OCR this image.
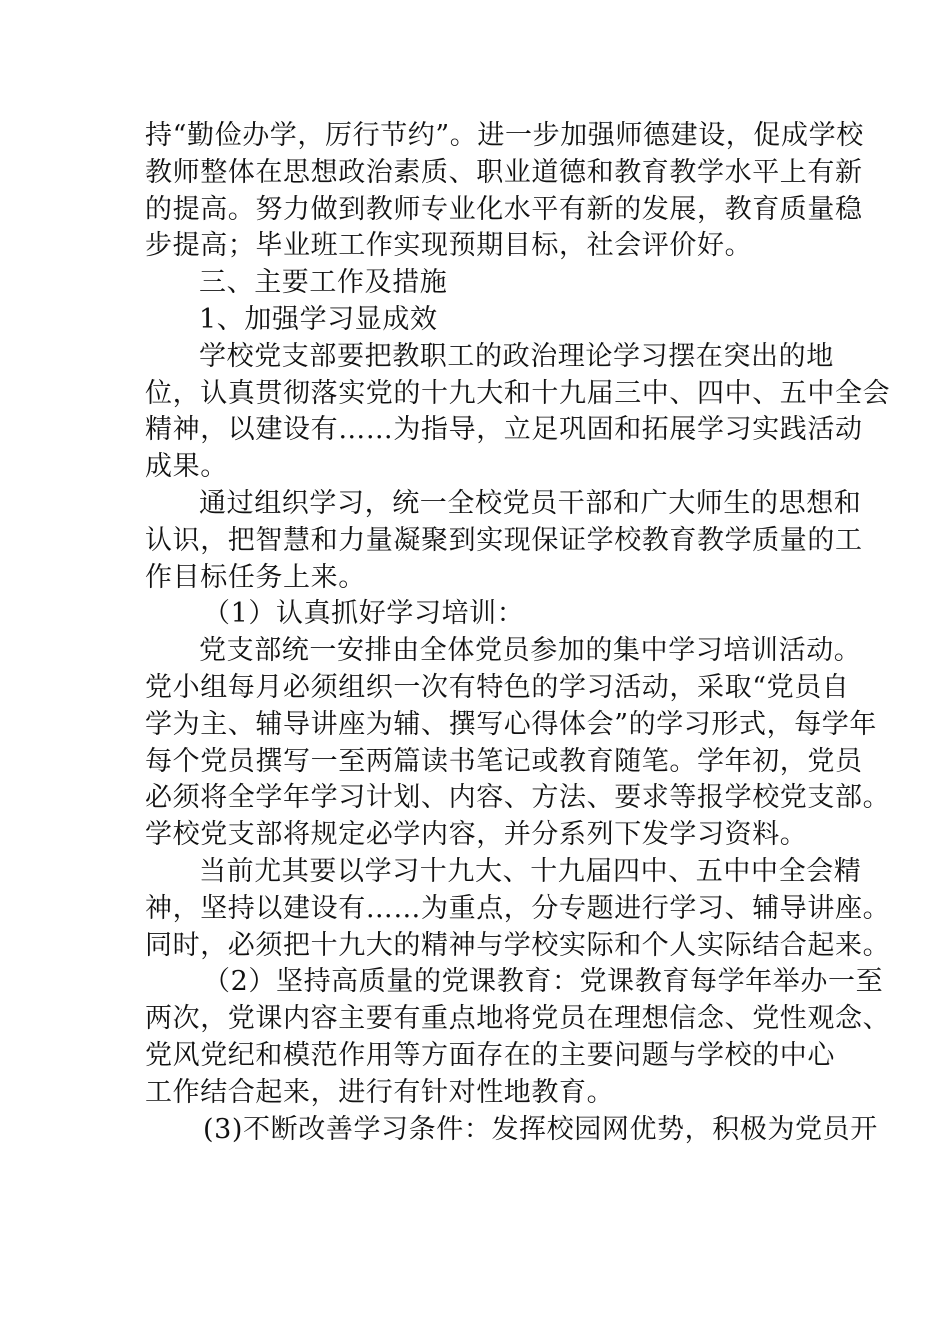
持“勤俭办学，厉行节约”。进一步加强师德建设，促成学校
教师整体在思想政治素质、职业道德和教育教学水平上有新
的提高。努力做到教师专业化水平有新的发展，教育质量稳
步提高；毕业班工作实现预期目标，社会评价好。
三、主要工作及措施
1、加强学习显成效
学校党支部要把教职工的政治理论学习摆在突出的地
位，认真贯彻落实党的十九大和十九届三中、四中、五中全会
精神，以建设有……为指导，立足巩固和拓展学习实践活动
成果。
通过组织学习，统一全校党员干部和广大师生的思想和
认识，把智慧和力量凝聚到实现保证学校教育教学质量的工
作目标任务上来。
（1）认真抓好学习培训：
党支部统一安排由全体党员参加的集中学习培训活动。
党小组每月必须组织一次有特色的学习活动，采取“党员自
学为主、辅导讲座为辅、撰写心得体会”的学习形式，每学年
每个党员撰写一至两篇读书笔记或教育随笔。学年初，党员
必须将全学年学习计划、内容、方法、要求等报学校党支部。
学校党支部将规定必学内容，并分系列下发学习资料。
当前尤其要以学习十九大、十九届四中、五中中全会精
神，坚持以建设有……为重点，分专题进行学习、辅导讲座。
同时，必须把十九大的精神与学校实际和个人实际结合起来。
（2）坚持高质量的党课教育：党课教育每学年举办一至
两次，党课内容主要有重点地将党员在理想信念、党性观念、
党风党纪和模范作用等方面存在的主要问题与学校的中心
工作结合起来，进行有针对性地教育。
(3)不断改善学习条件：发挥校园网优势，积极为党员开
